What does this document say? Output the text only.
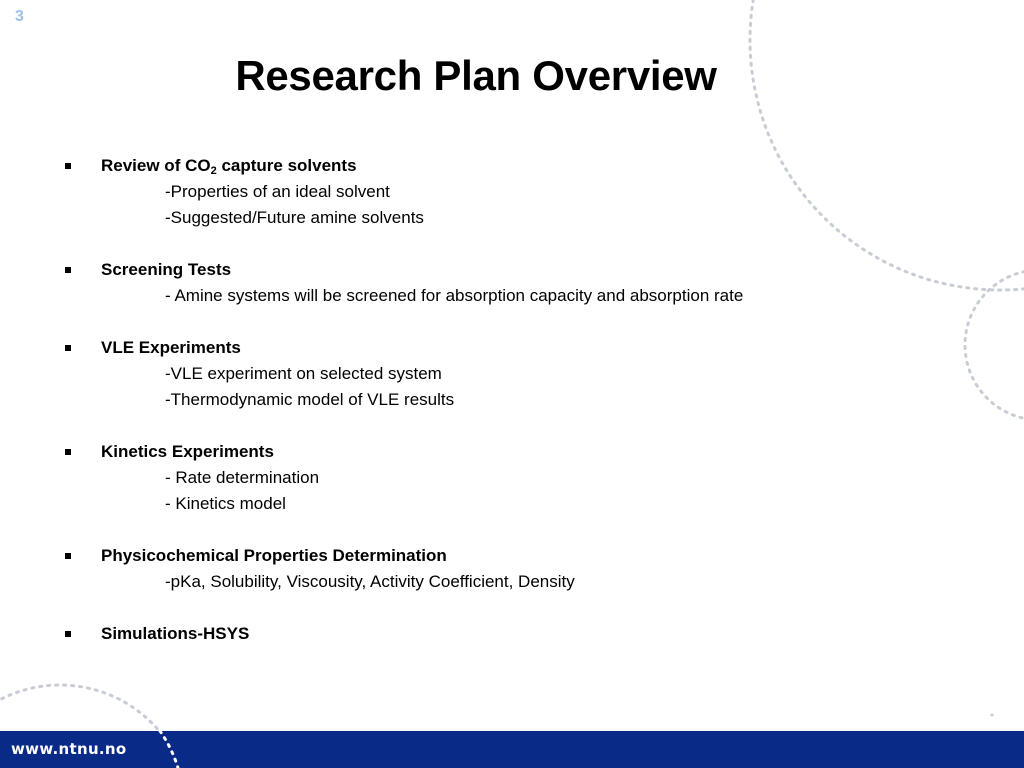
3
Research Plan Overview
Review of $CO_2$ capture solvents
-Properties of an ideal solvent
-Suggested/Future amine solvents
Screening Tests
- Amine systems will be screened for absorption capacity and absorption rate
VLE Experiments
-VLE experiment on selected system
-Thermodynamic model of VLE results
Kinetics Experiments
- Rate determination
- Kinetics model
Physicochemical Properties Determination
-pKa, Solubility, Viscousity, Activity Coefficient, Density
Simulations-HSYS
www.ntnu.no
